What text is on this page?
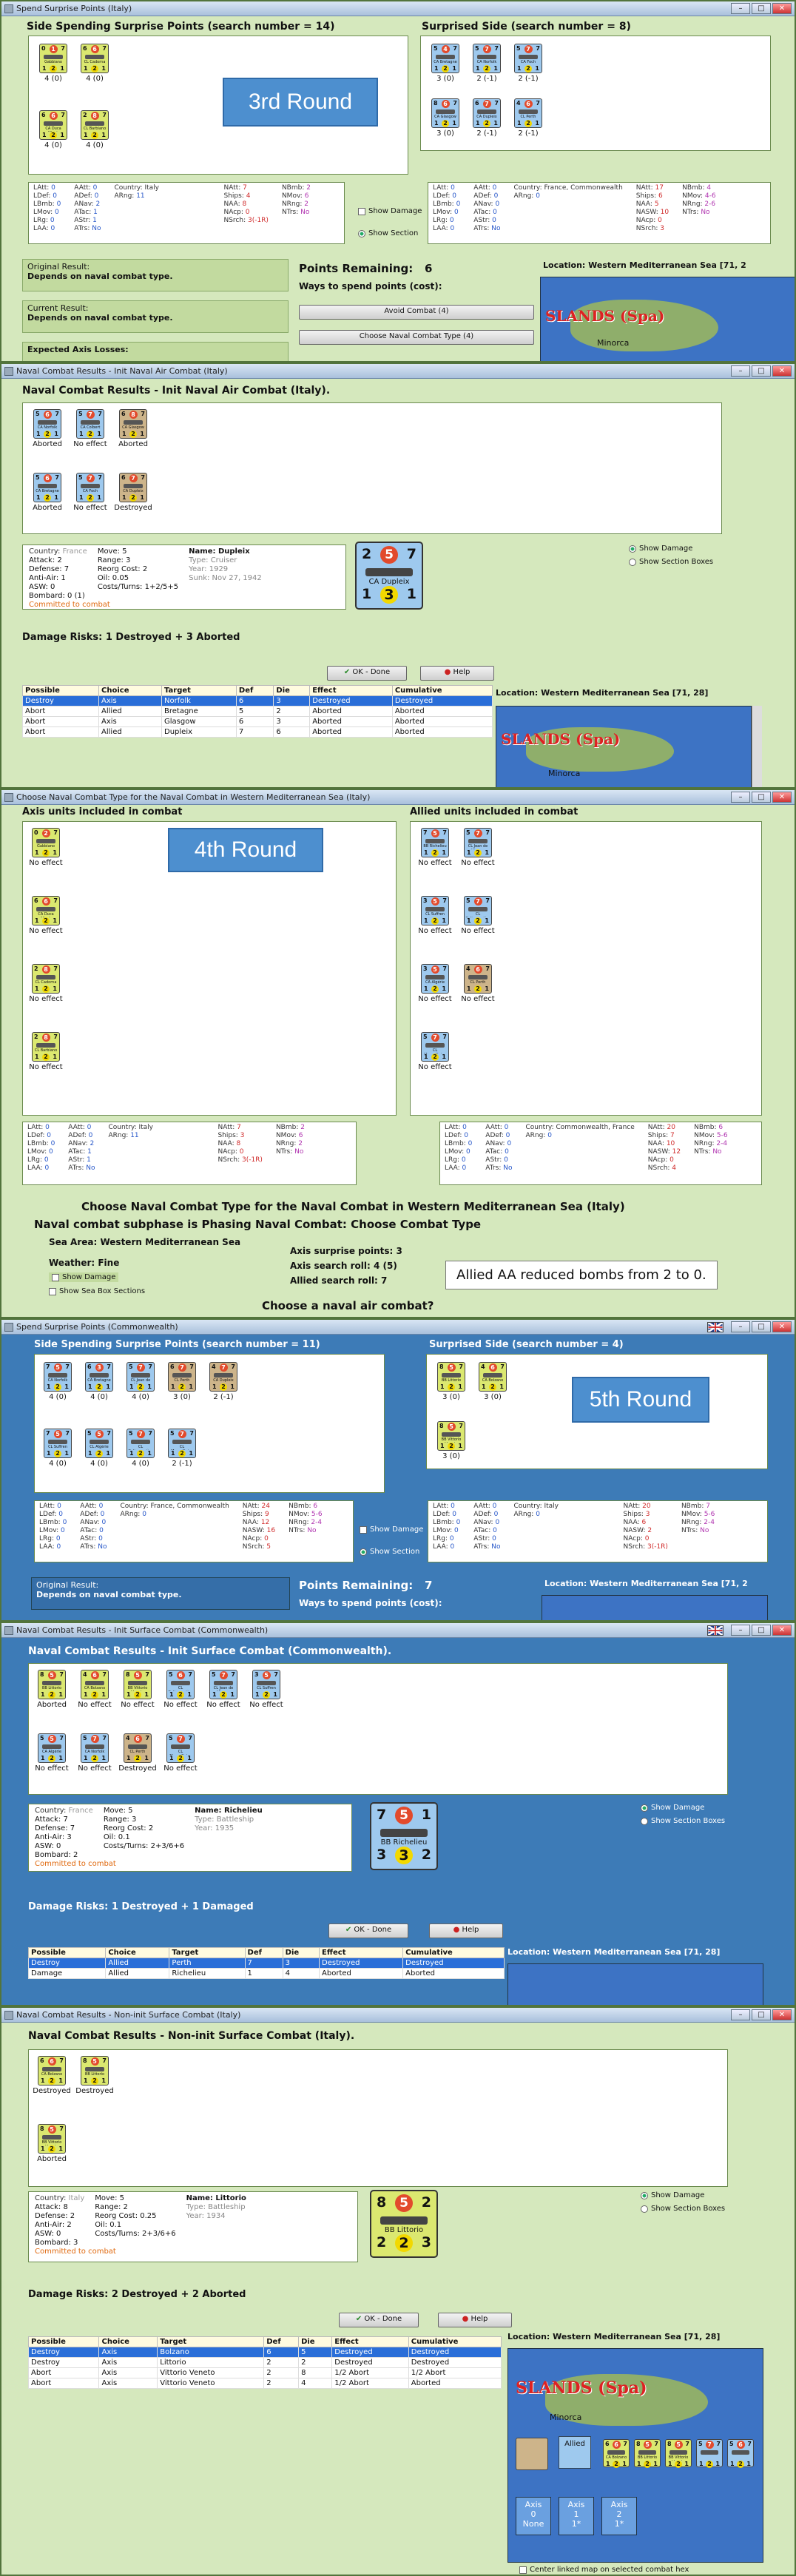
Spend Surprise Points (Italy)	–	□	✕
Side Spending Surprise Points (search number = 14)	Surprised Side (search number = 8)
0 1 7
Gabbiano
1 2 1
4 (0)
6 6 7
CL Cadorna
1 2 1
4 (0)
6 6 7
CA Duca
1 2 1
4 (0)
2 8 7
CL Barbiano
1 2 1
4 (0)
3rd Round
5 4 7
CA Bretagne
1 2 1
3 (0)
5 7 7
CA Norfolk
1 2 1
2 (-1)
5 7 7
CA Foch
1 2 1
2 (-1)
8 6 7
CA Glasgow
1 2 1
3 (0)
6 7 7
CA Dupleix
1 2 1
2 (-1)
4 6 7
CL Perth
1 2 1
2 (-1)
LAtt: 0
LDef: 0
LBmb: 0
LMov: 0
LRg: 0
LAA: 0
AAtt: 0
ADef: 0
ANav: 2
ATac: 1
AStr: 1
ATrs: No
Country: Italy
ARng: 11
NAtt: 7
Ships: 4
NAA: 8
NAcp: 0
NSrch: 3(-1R)
NBmb: 2
NMov: 6
NRng: 2
NTrs: No	Show Damage
Show Section
LAtt: 0
LDef: 0
LBmb: 0
LMov: 0
LRg: 0
LAA: 0
AAtt: 0
ADef: 0
ANav: 0
ATac: 0
AStr: 0
ATrs: No
Country: France, Commonwealth
ARng: 0
NAtt: 17
Ships: 6
NAA: 5
NASW: 10
NAcp: 0
NSrch: 3
NBmb: 4
NMov: 4-6
NRng: 2-6
NTrs: No
Original Result:
Depends on naval combat type.
Current Result:
Depends on naval combat type.
Expected Axis Losses:
Points Remaining: 6
Ways to spend points (cost):
Avoid Combat (4)
Choose Naval Combat Type (4)
Location: Western Mediterranean Sea [71, 2
SLANDS (Spa)
Minorca
Naval Combat Results - Init Naval Air Combat (Italy)	–	□	✕
Naval Combat Results - Init Naval Air Combat (Italy).
5 6 7
CA Norfolk
1 2 1
Aborted
5 7 7
CA Colbert
1 2 1
No effect
6 8 7
CA Glasgow
1 2 1
Aborted
5 6 7
CA Bretagne
1 2 1
Aborted
5 7 7
CA Foch
1 2 1
No effect
6 7 7
CA Dupleix
1 2 1
Destroyed
Country: France
Attack: 2
Defense: 7
Anti-Air: 1
ASW: 0
Bombard: 0 (1)
Move: 5
Range: 3
Reorg Cost: 2
Oil: 0.05
Costs/Turns: 1+2/5+5
Name: Dupleix
Type: Cruiser
Year: 1929
Sunk: Nov 27, 1942
Committed to combat
2	5 7
CA Dupleix
1 3 1
Show Damage
Show Section Boxes
Damage Risks: 1 Destroyed + 3 Aborted
✔ OK - Done	● Help
Possible	Choice	Target	Def	Die	Effect	Cumulative
Destroy	Axis	Norfolk	6	3	Destroyed	Destroyed
Abort	Allied	Bretagne	5	2	Aborted	Aborted
Abort	Axis	Glasgow	6	3	Aborted	Aborted
Abort	Allied	Dupleix	7	6	Aborted	Aborted
Location: Western Mediterranean Sea [71, 28]
SLANDS (Spa)
Minorca
Choose Naval Combat Type for the Naval Combat in Western Mediterranean Sea (Italy)	–	□	✕
Axis units included in combat	Allied units included in combat
0 2 7
Gabbiano
1 2 1
No effect
6 6 7
CA Duca
1 2 1
No effect
2 8 7
CL Cadorna
1 2 1
No effect
2 8 7
CL Barbiano
1 2 1
No effect
4th Round
7 5 7
BB Richelieu
1 2 1
No effect
5 7 7
CL Jean de
1 2 1
No effect
3 5 7
CL Suffren
1 2 1
No effect
5 7 7
CL
1 2 1
No effect
3 5 7
CA Algérie
1 2 1
No effect
4 6 7
CL Perth
1 2 1
No effect
5 7 7
CL
1 2 1
No effect
LAtt: 0
LDef: 0
LBmb: 0
LMov: 0
LRg: 0
LAA: 0
AAtt: 0
ADef: 0
ANav: 2
ATac: 1
AStr: 1
ATrs: No
Country: Italy
ARng: 11
NAtt: 7
Ships: 3
NAA: 8
NAcp: 0
NSrch: 3(-1R)
NBmb: 2
NMov: 6
NRng: 2
NTrs: No
LAtt: 0
LDef: 0
LBmb: 0
LMov: 0
LRg: 0
LAA: 0
AAtt: 0
ADef: 0
ANav: 0
ATac: 0
AStr: 0
ATrs: No
Country: Commonwealth, France
ARng: 0
NAtt: 20
Ships: 7
NAA: 10
NASW: 12
NAcp: 0
NSrch: 4
NBmb: 6
NMov: 5-6
NRng: 2-4
NTrs: No
Choose Naval Combat Type for the Naval Combat in Western Mediterranean Sea (Italy)
Naval combat subphase is Phasing Naval Combat: Choose Combat Type
Sea Area: Western Mediterranean Sea
Weather: Fine
Show Damage
Show Sea Box Sections
Axis surprise points: 3
Axis search roll: 4 (5)
Allied search roll: 7
Choose a naval air combat?
Allied AA reduced bombs from 2 to 0.
Spend Surprise Points (Commonwealth)	–	□	✕
Side Spending Surprise Points (search number = 11)	Surprised Side (search number = 4)
7 5 7
CA Norfolk
1 2 1
4 (0)
6 3 7
CA Bretagne
1 2 1
4 (0)
5 7 7
CL Jean de
1 2 1
4 (0)
6 7 7
CL Perth
1 2 1
3 (0)
4 7 7
CA Dupleix
1 2 1
2 (-1)
7 5 7
CL Suffren
1 2 1
4 (0)
5 5 7
CL Algérie
1 2 1
4 (0)
5 7 7
CL
1 2 1
4 (0)
5 7 7
CL
1 2 1
2 (-1)
8 5 7
BB Littorio
1 2 1
3 (0)
4 6 7
CA Bolzano
1 2 1
3 (0)
8 5 7
BB Vittorio
1 2 1
3 (0)
5th Round
LAtt: 0
LDef: 0
LBmb: 0
LMov: 0
LRg: 0
LAA: 0
AAtt: 0
ADef: 0
ANav: 0
ATac: 0
AStr: 0
ATrs: No
Country: France, Commonwealth
ARng: 0
NAtt: 24
Ships: 9
NAA: 12
NASW: 16
NAcp: 0
NSrch: 5
NBmb: 6
NMov: 5-6
NRng: 2-4
NTrs: No	Show Damage
Show Section
LAtt: 0
LDef: 0
LBmb: 0
LMov: 0
LRg: 0
LAA: 0
AAtt: 0
ADef: 0
ANav: 0
ATac: 0
AStr: 0
ATrs: No
Country: Italy
ARng: 0
NAtt: 20
Ships: 3
NAA: 6
NASW: 2
NAcp: 0
NSrch: 3(-1R)
NBmb: 7
NMov: 5-6
NRng: 2-4
NTrs: No
Original Result:
Depends on naval combat type.
Points Remaining: 7
Ways to spend points (cost):
Location: Western Mediterranean Sea [71, 2
Naval Combat Results - Init Surface Combat (Commonwealth)	–	□	✕
Naval Combat Results - Init Surface Combat (Commonwealth).
8 5 7
BB Littorio
1 2 1
Aborted
4 6 7
CA Bolzano
1 2 1
No effect
8 5 7
BB Vittorio
1 2 1
No effect
5 6 7
CL
1 2 1
No effect
5 7 7
CL Jean de
1 2 1
No effect
3 5 7
CL Suffren
1 2 1
No effect
5 5 7
CA Algérie
1 2 1
No effect
5 7 7
CA Norfolk
1 2 1
No effect
4 6 7
CL Perth
1 2 1
Destroyed
5 7 7
CL
1 2 1
No effect
Country: France
Attack: 7
Defense: 7
Anti-Air: 3
ASW: 0
Bombard: 2
Move: 5
Range: 3
Reorg Cost: 2
Oil: 0.1
Costs/Turns: 2+3/6+6
Name: Richelieu
Type: Battleship
Year: 1935
Committed to combat
7	5 1
BB Richelieu
3 3 2
Show Damage
Show Section Boxes
Damage Risks: 1 Destroyed + 1 Damaged
✔ OK - Done	● Help
Possible	Choice	Target	Def	Die	Effect	Cumulative
Destroy	Allied	Perth	7	3	Destroyed	Destroyed
Damage	Allied	Richelieu	1	4	Aborted	Aborted
Location: Western Mediterranean Sea [71, 28]
Naval Combat Results - Non-init Surface Combat (Italy)	–	□	✕
Naval Combat Results - Non-init Surface Combat (Italy).
6 6 7
CA Bolzano
1 2 1
Destroyed
8 5 7
BB Littorio
1 2 1
Destroyed
8 5 7
BB Vittorio
1 2 1
Aborted
Country: Italy
Attack: 8
Defense: 2
Anti-Air: 2
ASW: 0
Bombard: 3
Move: 5
Range: 2
Reorg Cost: 0.25
Oil: 0.1
Costs/Turns: 2+3/6+6
Name: Littorio
Type: Battleship
Year: 1934
Committed to combat
8	5 2
BB Littorio
2 2 3
Show Damage
Show Section Boxes
Damage Risks: 2 Destroyed + 2 Aborted
✔ OK - Done	● Help
Possible	Choice	Target	Def	Die	Effect	Cumulative
Destroy	Axis	Bolzano	6	5	Destroyed	Destroyed
Destroy	Axis	Littorio	2	2	Destroyed	Destroyed
Abort	Axis	Vittorio Veneto	2	8	1/2 Abort	1/2 Abort
Abort	Axis	Vittorio Veneto	2	4	1/2 Abort	Aborted
Location: Western Mediterranean Sea [71, 28]
SLANDS (Spa)
Minorca
Allied	6 6 7
CA Bolzano
1 2 1
8 5 7
BB Littorio
1 2 1
8 5 7
BB Vittorio
1 2 1
5 7 7
1 2 1
5 6 7
1 2 1
Axis
0
None
Axis
1
1*
Axis
2
1*
Center linked map on selected combat hex
